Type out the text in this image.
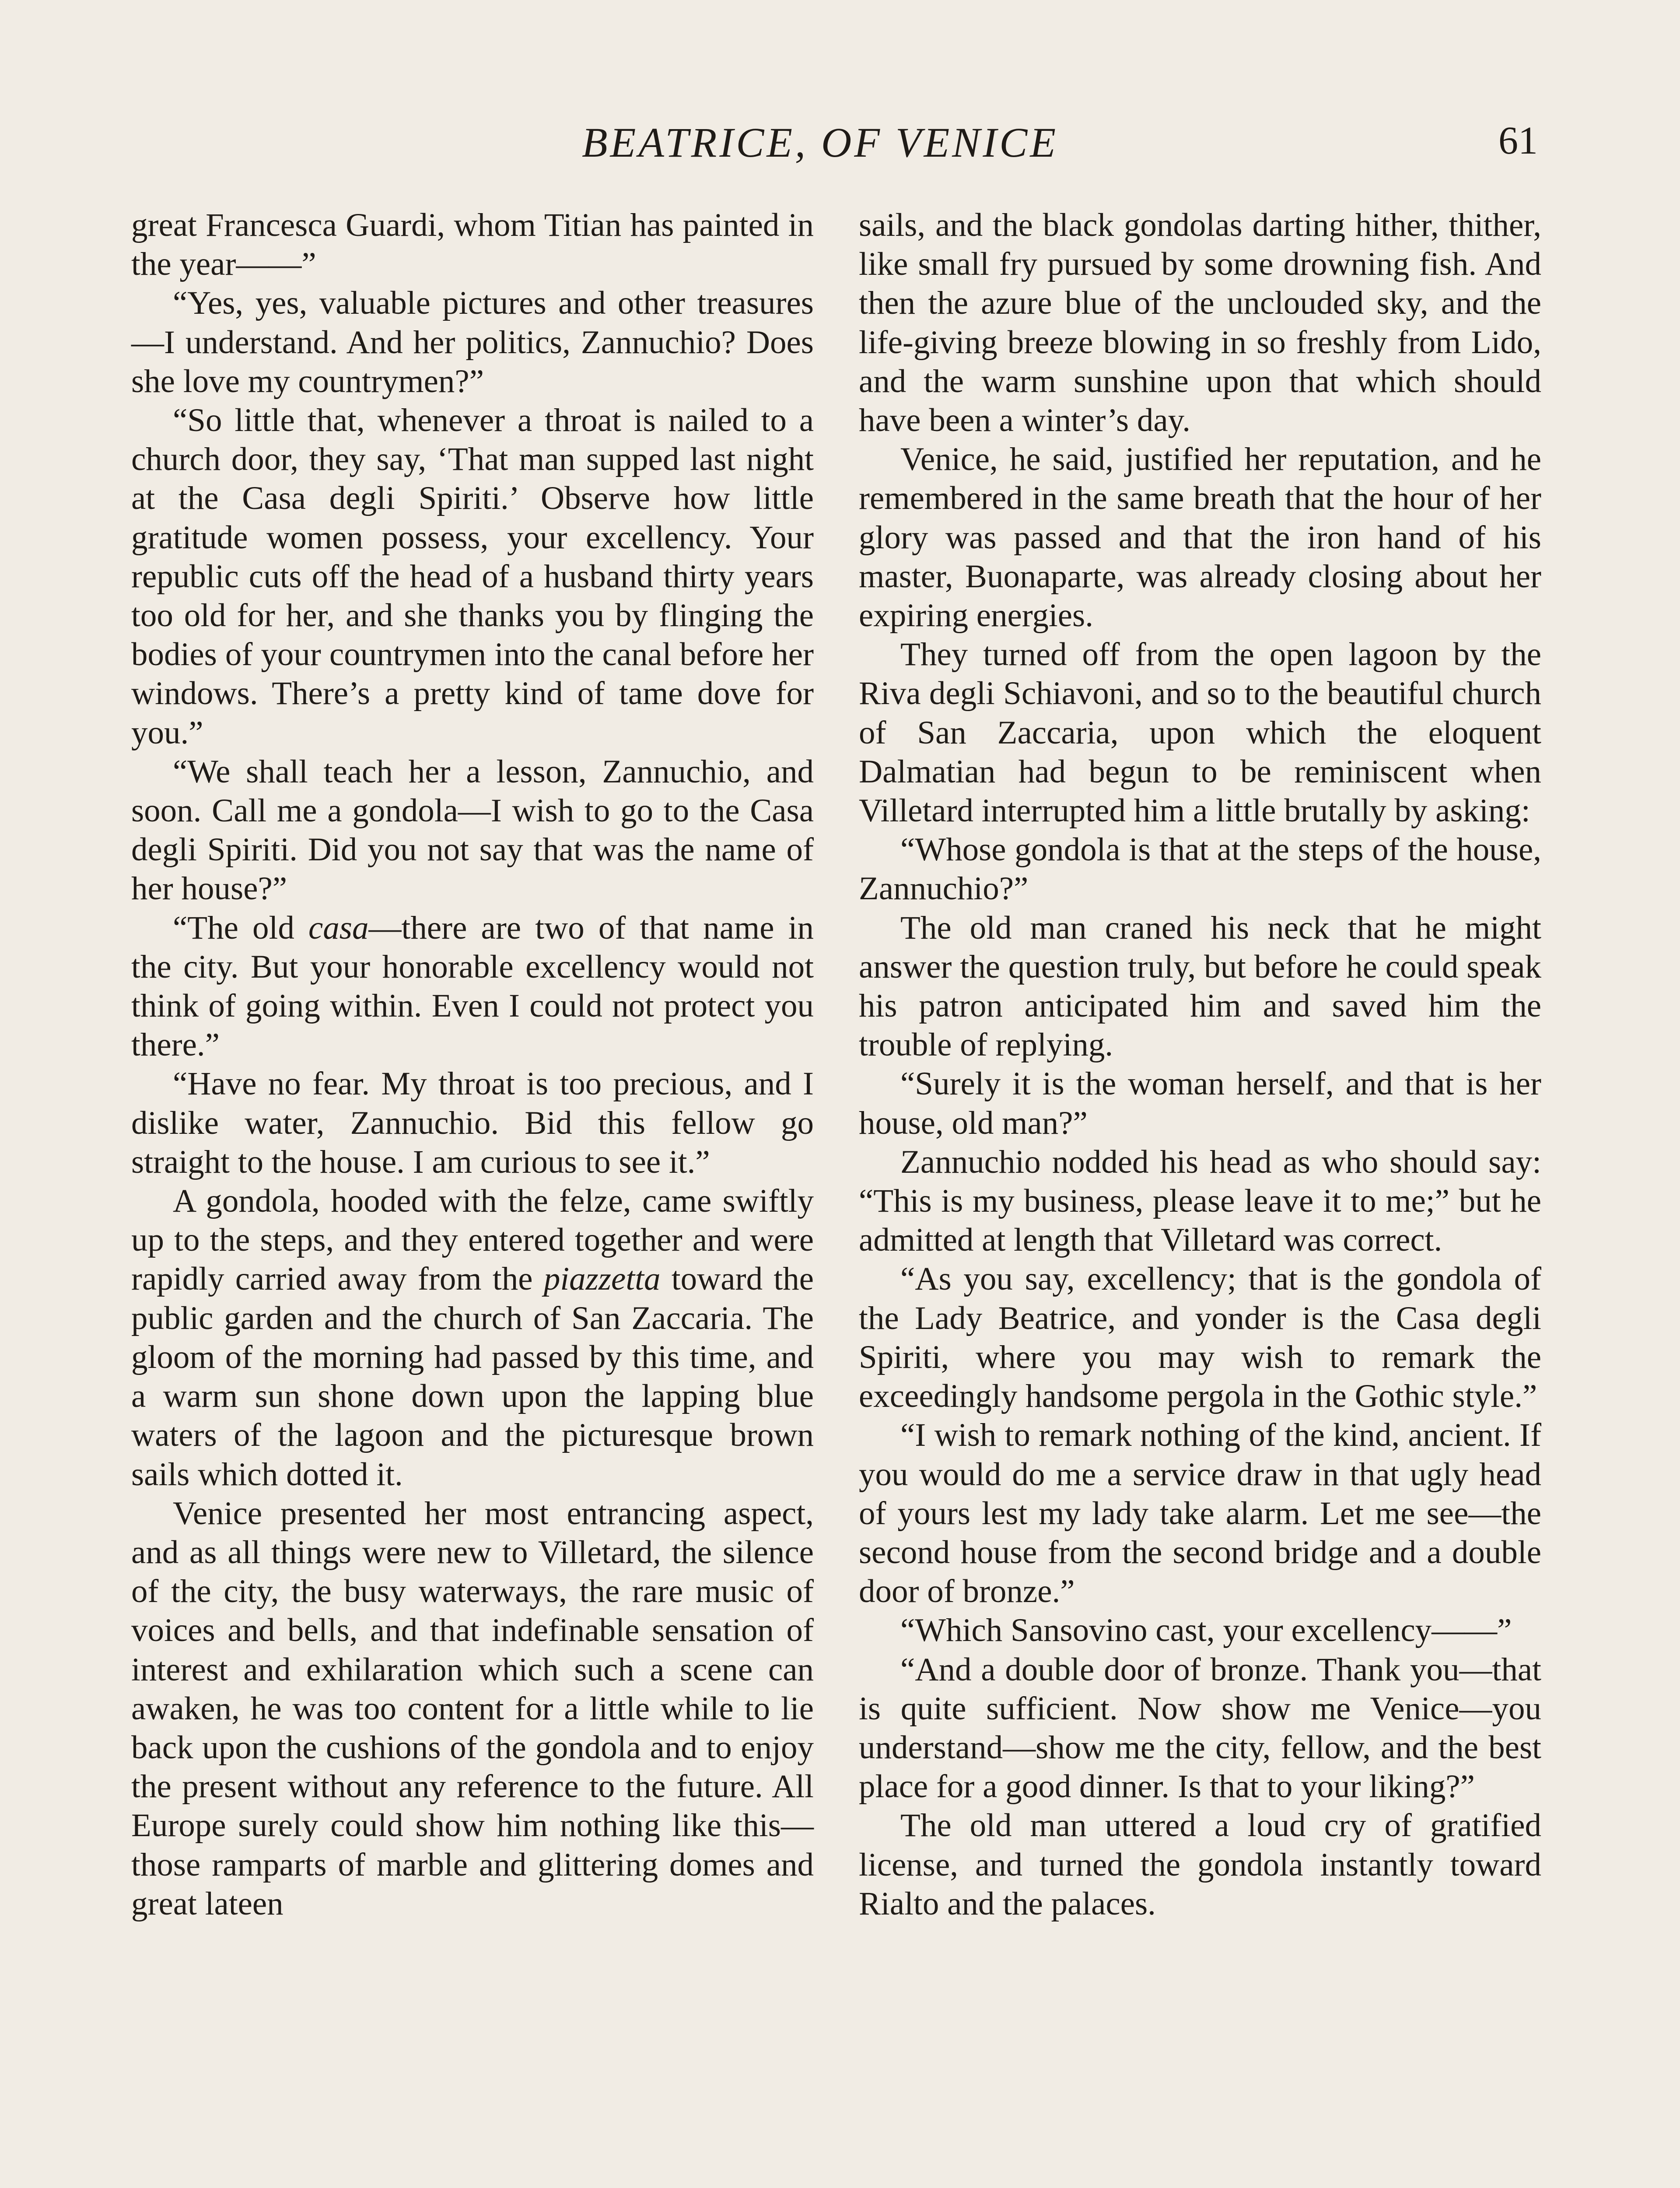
BEATRICE, OF VENICE	61

great Francesca Guardi, whom Titian has painted in the year——”

“Yes, yes, valuable pictures and other treasures—I understand. And her politics, Zannuchio? Does she love my countrymen?”

“So little that, whenever a throat is nailed to a church door, they say, ‘That man supped last night at the Casa degli Spiriti.’ Observe how little gratitude women possess, your excellency. Your republic cuts off the head of a husband thirty years too old for her, and she thanks you by flinging the bodies of your countrymen into the canal before her windows. There’s a pretty kind of tame dove for you.”

“We shall teach her a lesson, Zannuchio, and soon. Call me a gondola—I wish to go to the Casa degli Spiriti. Did you not say that was the name of her house?”

“The old casa—there are two of that name in the city. But your honorable excellency would not think of going within. Even I could not protect you there.”

“Have no fear. My throat is too precious, and I dislike water, Zannuchio. Bid this fellow go straight to the house. I am curious to see it.”

A gondola, hooded with the felze, came swiftly up to the steps, and they entered together and were rapidly carried away from the piazzetta toward the public garden and the church of San Zaccaria. The gloom of the morning had passed by this time, and a warm sun shone down upon the lapping blue waters of the lagoon and the picturesque brown sails which dotted it.

Venice presented her most entrancing aspect, and as all things were new to Villetard, the silence of the city, the busy waterways, the rare music of voices and bells, and that indefinable sensation of interest and exhilaration which such a scene can awaken, he was too content for a little while to lie back upon the cushions of the gondola and to enjoy the present without any reference to the future. All Europe surely could show him nothing like this—those ramparts of marble and glittering domes and great lateen

sails, and the black gondolas darting hither, thither, like small fry pursued by some drowning fish. And then the azure blue of the unclouded sky, and the life-giving breeze blowing in so freshly from Lido, and the warm sunshine upon that which should have been a winter’s day.

Venice, he said, justified her reputation, and he remembered in the same breath that the hour of her glory was passed and that the iron hand of his master, Buonaparte, was already closing about her expiring energies.

They turned off from the open lagoon by the Riva degli Schiavoni, and so to the beautiful church of San Zaccaria, upon which the eloquent Dalmatian had begun to be reminiscent when Villetard interrupted him a little brutally by asking:

“Whose gondola is that at the steps of the house, Zannuchio?”

The old man craned his neck that he might answer the question truly, but before he could speak his patron anticipated him and saved him the trouble of replying.

“Surely it is the woman herself, and that is her house, old man?”

Zannuchio nodded his head as who should say: “This is my business, please leave it to me;” but he admitted at length that Villetard was correct.

“As you say, excellency; that is the gondola of the Lady Beatrice, and yonder is the Casa degli Spiriti, where you may wish to remark the exceedingly handsome pergola in the Gothic style.”

“I wish to remark nothing of the kind, ancient. If you would do me a service draw in that ugly head of yours lest my lady take alarm. Let me see—the second house from the second bridge and a double door of bronze.”

“Which Sansovino cast, your excellency——”

“And a double door of bronze. Thank you—that is quite sufficient. Now show me Venice—you understand—show me the city, fellow, and the best place for a good dinner. Is that to your liking?”

The old man uttered a loud cry of gratified license, and turned the gondola instantly toward Rialto and the palaces.
